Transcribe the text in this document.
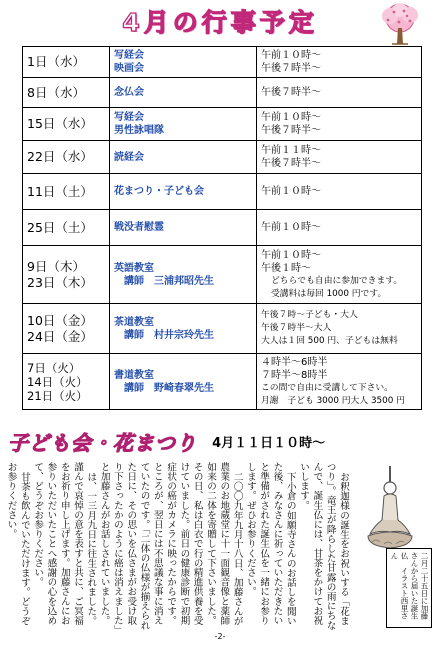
4月の行事予定
1日（水）	写経会
映画会	午前１０時～
午後７時半～

8日（水）	念仏会	午後７時半～

15日（水）	写経会
男性詠唱隊	午前１０時～
午後７時半～

22日（水）	読経会	午前１１時～
午後７時半～

11日（土）	花まつり・子ども会	午前１０時～

25日（土）	戦没者慰霊	午前１０時～

9日（木）
23日（木）	英語教室
講師　三浦邦昭先生	午前１０時～
午後１時～
どちらでも自由に参加できます。
受講料は毎回 1000 円です。

10日（金）
24日（金）	茶道教室
講師　村井宗玲先生	午後７時～子ども・大人
午後７時半～大人
大人は１回 500 円、子どもは無料

7日（火）
14日（火）
21日（火）	書道教室
講師　野崎春翠先生	４時半～6時半
７時半～8時半
この間で自由に受講して下さい。
月謝　子ども 3000 円大人 3500 円
子ども会・花まつり 4月１１日１０時～

お釈迦様の誕生をお祝いする「花まつり」。竜王が降らした甘露の雨にちなんで、誕生仏には、甘茶をかけてお祝いします。

下小倉の如願寺さんのお話しを聞いた後、みなさんに祈っていただきたいと準備がされた誕生仏を一緒にお参りします。ぜひお参りください。

二〇〇九年九月十八日、加藤さんが農業のお地蔵堂に十一面観音像と薬師如来の二体を寄贈して下さいました。その日、私は白衣で行の精進供養を受けていました。前日の健康診断で初期症状の癌がカメラに映ったからです。ところが、翌日には不思議な事に消えていたのです。「二体の仏様が揃えられた日に、その思いを仏さまがお受け取り下さったかのように癌は消えました」と加藤さんがお話しされていました。

は、一三月九日に往生されました。謹んで哀悼の意を表すと共に、ご冥福をお祈り申し上げます。加藤さんにお参りいただいたことへ感謝の心を込めて、どうぞお参りください。

甘茶も飲んでいただけます。どうぞお参りください。

二月二十五日に加藤さんから届いた誕生仏　イラスト西里さん
-2-
